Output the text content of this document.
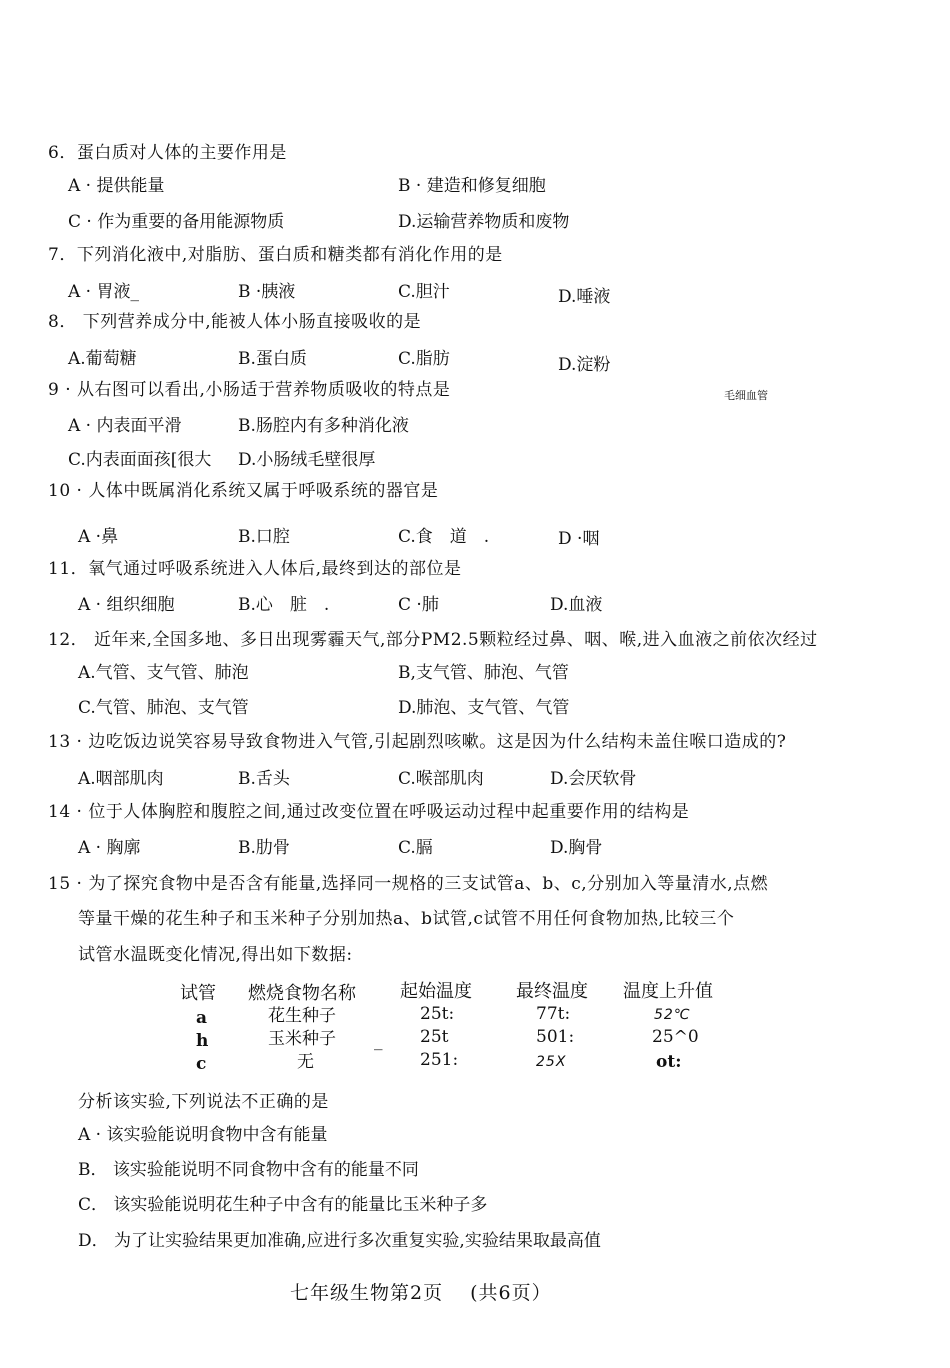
6．蛋白质对人体的主要作用是
A · 提供能量	B · 建造和修复细胞
C · 作为重要的备用能源物质	D.运输营养物质和废物
7．下列消化液中,对脂肪、蛋白质和糖类都有消化作用的是
A · 胃液_	B ·胰液	C.胆汁	D.唾液
8． 下列营养成分中,能被人体小肠直接吸收的是
A.葡萄糖	B.蛋白质	C.脂肪	D.淀粉
9 · 从右图可以看出,小肠适于营养物质吸收的特点是	毛细血管
A · 内表面平滑	B.肠腔内有多种消化液
C.内表面面孩[很大 D.小肠绒毛壁很厚
10 · 人体中既属消化系统又属于呼吸系统的器官是
A ·鼻	B.口腔	C.食　道　.	D ·咽
11．氧气通过呼吸系统进入人体后,最终到达的部位是
A · 组织细胞	B.心　脏　.	C ·肺	D.血液
12． 近年来,全国多地、多日出现雾霾天气,部分PM2.5颗粒经过鼻、咽、喉,进入血液之前依次经过
A.气管、支气管、肺泡	B,支气管、肺泡、气管
C.气管、肺泡、支气管	D.肺泡、支气管、气管
13 · 边吃饭边说笑容易导致食物进入气管,引起剧烈咳嗽。这是因为什么结构未盖住喉口造成的?
A.咽部肌肉	B.舌头	C.喉部肌肉	D.会厌软骨
14 · 位于人体胸腔和腹腔之间,通过改变位置在呼吸运动过程中起重要作用的结构是
A · 胸廓	B.肋骨	C.膈	D.胸骨
15 · 为了探究食物中是否含有能量,选择同一规格的三支试管a、b、c,分别加入等量清水,点燃
等量干燥的花生种子和玉米种子分别加热a、b试管,c试管不用任何食物加热,比较三个
试管水温既变化情况,得出如下数据:
试管 燃烧食物名称 起始温度 最终温度 温度上升值
a	花生种子	25t:	77t:	52℃
h	玉米种子 _ 25t	501:	25^0
c	无	251:	25X	ot:
分析该实验,下列说法不正确的是
A · 该实验能说明食物中含有能量
B． 该实验能说明不同食物中含有的能量不同
C． 该实验能说明花生种子中含有的能量比玉米种子多
D． 为了让实验结果更加准确,应进行多次重复实验,实验结果取最高值
七年级生物第2页　 (共6页）
